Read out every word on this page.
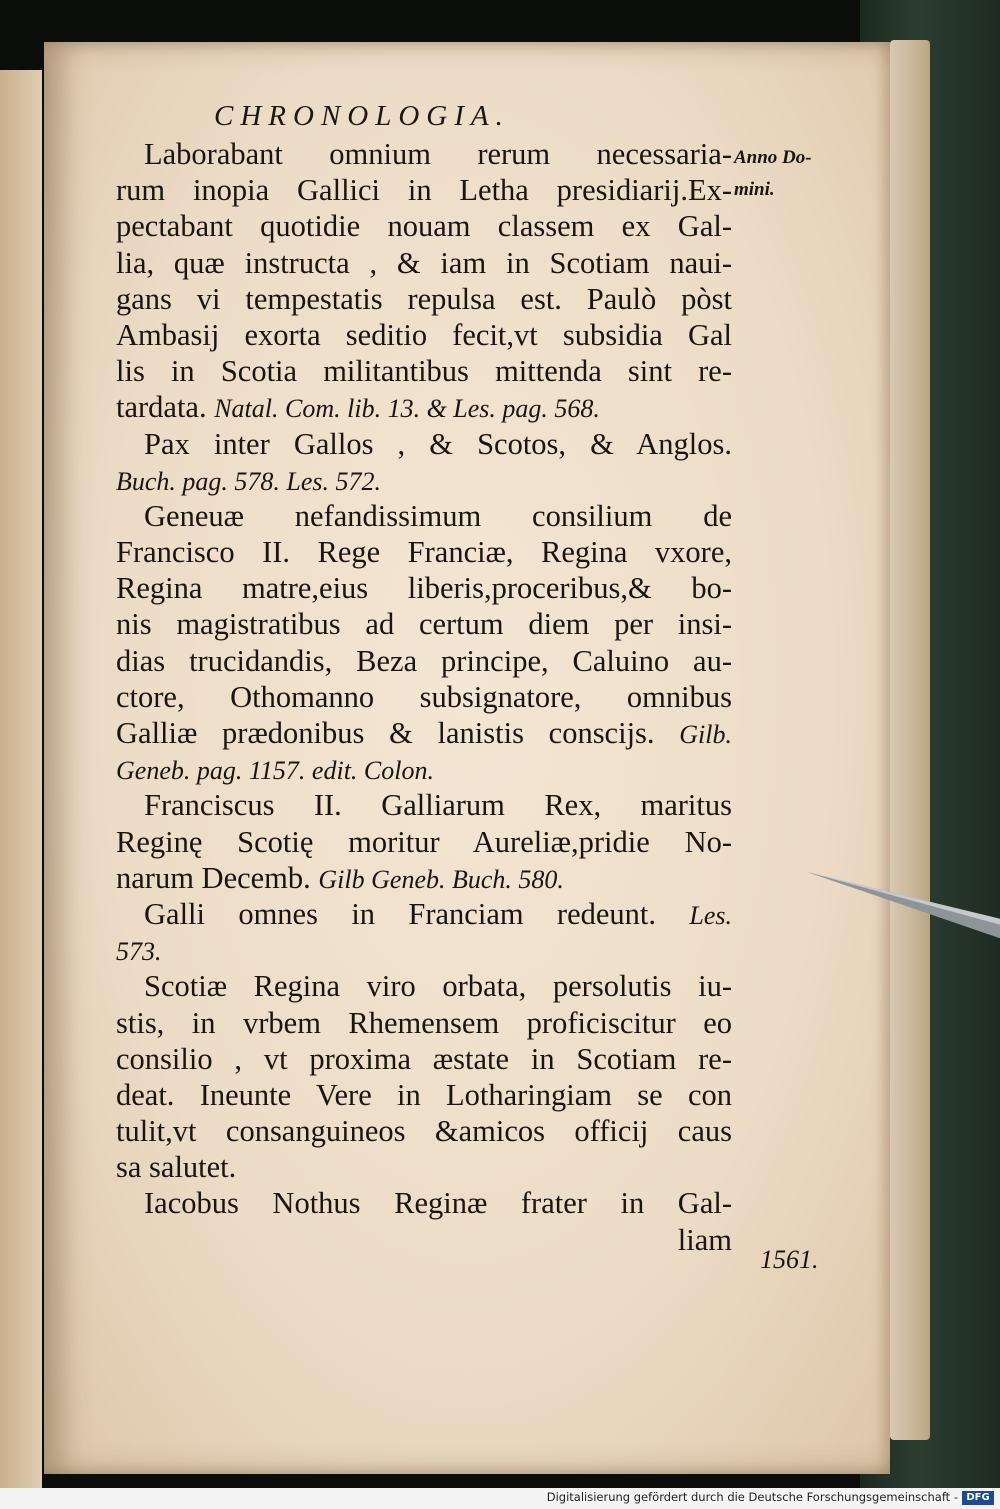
CHRONOLOGIA.
Anno Do-
mini.
Laborabant omnium rerum necessaria-
rum inopia Gallici in Letha presidiarij.Ex-
pectabant quotidie nouam classem ex Gal-
lia, quæ instructa , & iam in Scotiam naui-
gans vi tempestatis repulsa est. Paulò pòst
Ambasij exorta seditio fecit,vt subsidia Gal
lis in Scotia militantibus mittenda sint re-
tardata. Natal. Com. lib. 13. & Les. pag. 568.
Pax inter Gallos , & Scotos, & Anglos.
Buch. pag. 578. Les. 572.
Geneuæ nefandissimum consilium de
Francisco II. Rege Franciæ, Regina vxore,
Regina matre,eius liberis,proceribus,& bo-
nis magistratibus ad certum diem per insi-
dias trucidandis, Beza principe, Caluino au-
ctore, Othomanno subsignatore, omnibus
Galliæ prædonibus & lanistis conscijs. Gilb.
Geneb. pag. 1157. edit. Colon.
Franciscus II. Galliarum Rex, maritus
Reginę Scotię moritur Aureliæ,pridie No-
narum Decemb. Gilb Geneb. Buch. 580.
Galli omnes in Franciam redeunt. Les.
573.
Scotiæ Regina viro orbata, persolutis iu-
stis, in vrbem Rhemensem proficiscitur eo
consilio , vt proxima æstate in Scotiam re-
deat. Ineunte Vere in Lotharingiam se con
tulit,vt consanguineos &amicos officij caus
sa salutet.
Iacobus Nothus Reginæ frater in Gal-
liam
1561.
Digitalisierung gefördert durch die Deutsche Forschungsgemeinschaft - DFG
